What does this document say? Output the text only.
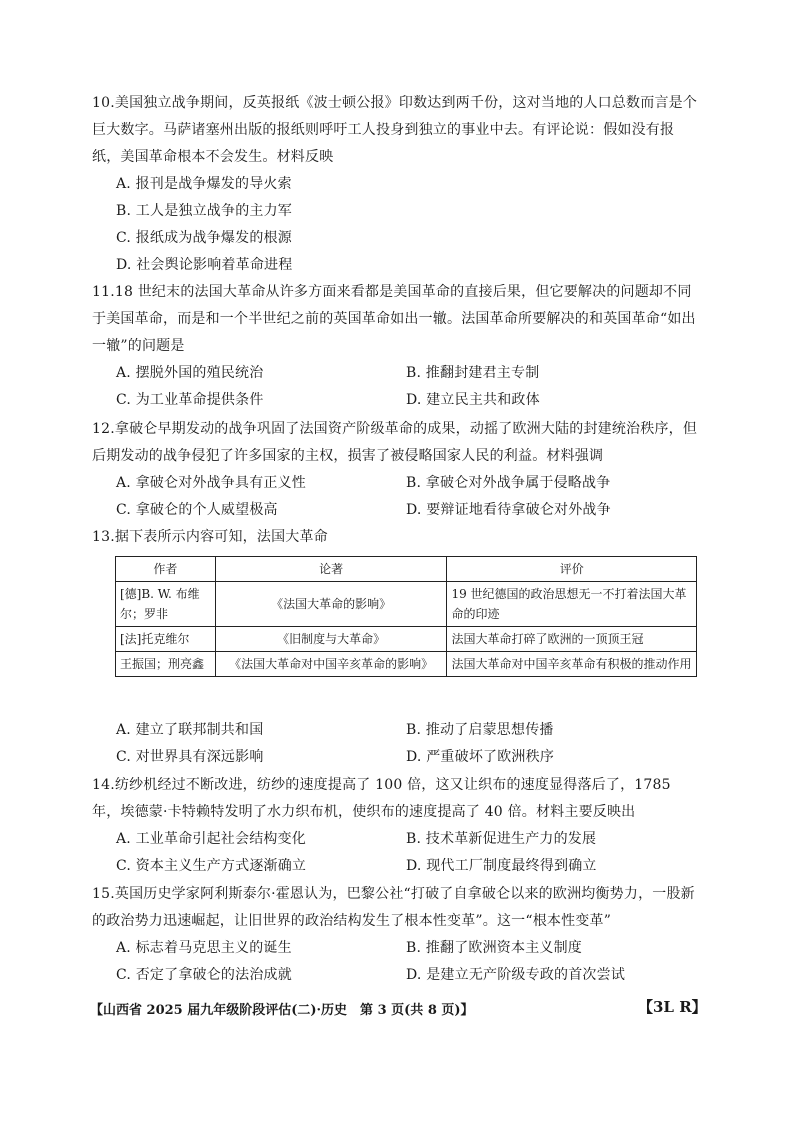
10.美国独立战争期间，反英报纸《波士顿公报》印数达到两千份，这对当地的人口总数而言是个巨大数字。马萨诸塞州出版的报纸则呼吁工人投身到独立的事业中去。有评论说：假如没有报纸，美国革命根本不会发生。材料反映

A. 报刊是战争爆发的导火索
B. 工人是独立战争的主力军
C. 报纸成为战争爆发的根源
D. 社会舆论影响着革命进程

11.18 世纪末的法国大革命从许多方面来看都是美国革命的直接后果，但它要解决的问题却不同于美国革命，而是和一个半世纪之前的英国革命如出一辙。法国革命所要解决的和英国革命“如出一辙”的问题是

A. 摆脱外国的殖民统治	B. 推翻封建君主专制
C. 为工业革命提供条件	D. 建立民主共和政体

12.拿破仑早期发动的战争巩固了法国资产阶级革命的成果，动摇了欧洲大陆的封建统治秩序，但后期发动的战争侵犯了许多国家的主权，损害了被侵略国家人民的利益。材料强调

A. 拿破仑对外战争具有正义性	B. 拿破仑对外战争属于侵略战争
C. 拿破仑的个人威望极高	D. 要辩证地看待拿破仑对外战争

13.据下表所示内容可知，法国大革命

作者	论著	评价
[德]B. W. 布维尔；罗非	《法国大革命的影响》	19 世纪德国的政治思想无一不打着法国大革命的印迹
[法]托克维尔	《旧制度与大革命》	法国大革命打碎了欧洲的一顶顶王冠
王振国；刑亮鑫	《法国大革命对中国辛亥革命的影响》	法国大革命对中国辛亥革命有积极的推动作用
A. 建立了联邦制共和国	B. 推动了启蒙思想传播
C. 对世界具有深远影响	D. 严重破坏了欧洲秩序

14.纺纱机经过不断改进，纺纱的速度提高了 100 倍，这又让织布的速度显得落后了，1785 年，埃德蒙·卡特赖特发明了水力织布机，使织布的速度提高了 40 倍。材料主要反映出

A. 工业革命引起社会结构变化	B. 技术革新促进生产力的发展
C. 资本主义生产方式逐渐确立	D. 现代工厂制度最终得到确立

15.英国历史学家阿利斯泰尔·霍恩认为，巴黎公社“打破了自拿破仑以来的欧洲均衡势力，一股新的政治势力迅速崛起，让旧世界的政治结构发生了根本性变革”。这一“根本性变革”

A. 标志着马克思主义的诞生	B. 推翻了欧洲资本主义制度
C. 否定了拿破仑的法治成就	D. 是建立无产阶级专政的首次尝试
【山西省 2025 届九年级阶段评估(二)·历史　第 3 页(共 8 页)】	【3L R】
